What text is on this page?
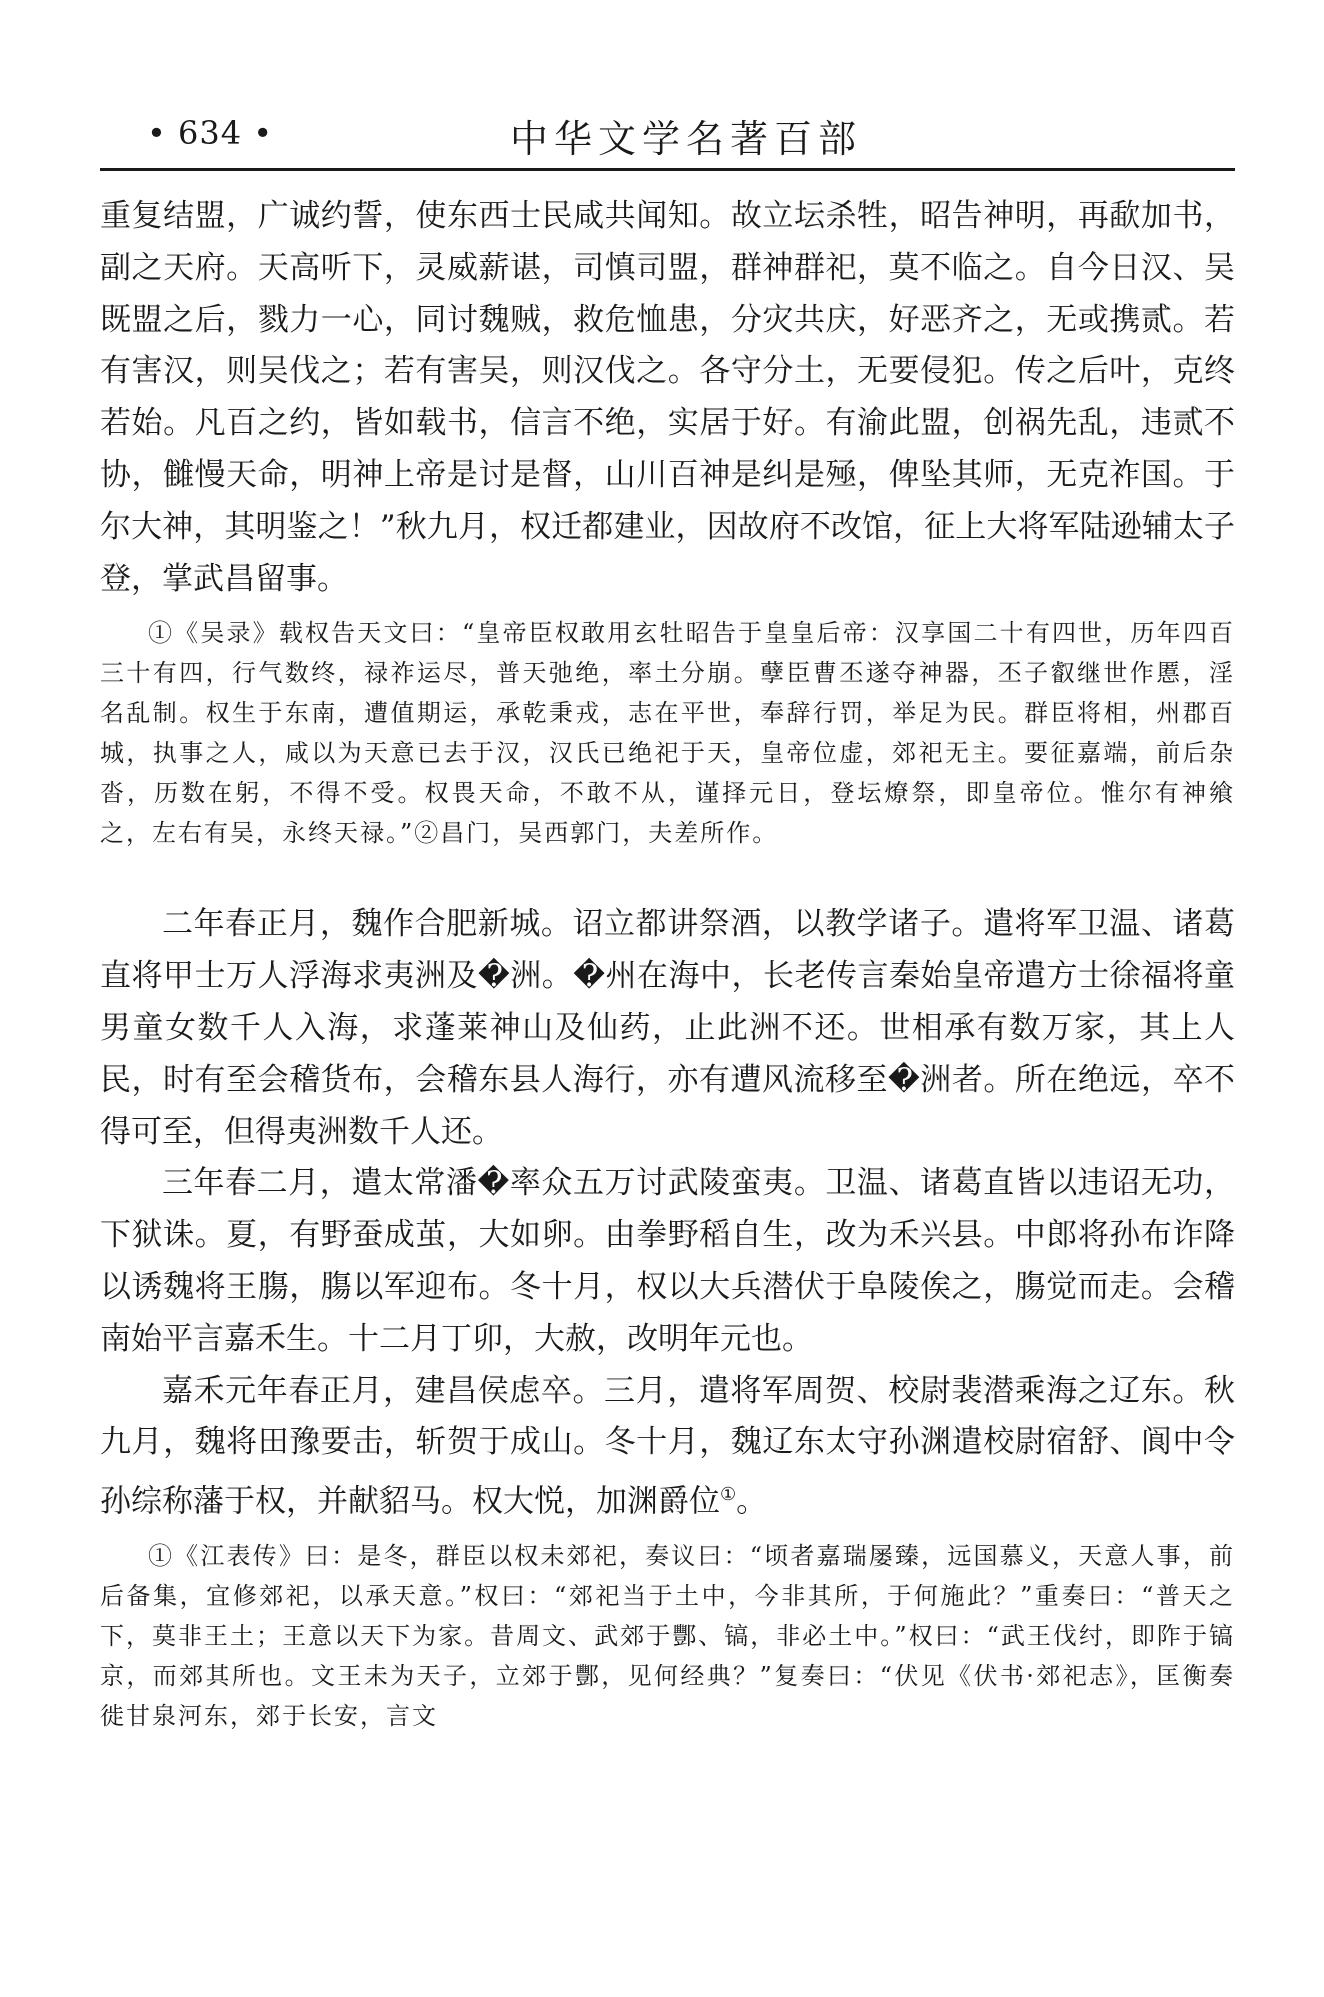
• 634 •	中华文学名著百部

重复结盟，广诚约誓，使东西士民咸共闻知。故立坛杀牲，昭告神明，再歃加书，副之天府。天高听下，灵威薪谌，司慎司盟，群神群祀，莫不临之。自今日汉、吴既盟之后，戮力一心，同讨魏贼，救危恤患，分灾共庆，好恶齐之，无或携贰。若有害汉，则吴伐之；若有害吴，则汉伐之。各守分土，无要侵犯。传之后叶，克终若始。凡百之约，皆如载书，信言不绝，实居于好。有渝此盟，创祸先乱，违贰不协，雠慢天命，明神上帝是讨是督，山川百神是纠是殛，俾坠其师，无克祚国。于尔大神，其明鉴之！”秋九月，权迁都建业，因故府不改馆，征上大将军陆逊辅太子登，掌武昌留事。

①《吴录》载权告天文曰：“皇帝臣权敢用玄牡昭告于皇皇后帝：汉享国二十有四世，历年四百三十有四，行气数终，禄祚运尽，普天弛绝，率土分崩。孽臣曹丕遂夺神器，丕子叡继世作慝，淫名乱制。权生于东南，遭值期运，承乾秉戎，志在平世，奉辞行罚，举足为民。群臣将相，州郡百城，执事之人，咸以为天意已去于汉，汉氏已绝祀于天，皇帝位虚，郊祀无主。要征嘉端，前后杂沓，历数在躬，不得不受。权畏天命，不敢不从，谨择元日，登坛燎祭，即皇帝位。惟尔有神飨之，左右有吴，永终天禄。”②昌门，吴西郭门，夫差所作。

二年春正月，魏作合肥新城。诏立都讲祭酒，以教学诸子。遣将军卫温、诸葛直将甲士万人浮海求夷洲及�洲。�州在海中，长老传言秦始皇帝遣方士徐福将童男童女数千人入海，求蓬莱神山及仙药，止此洲不还。世相承有数万家，其上人民，时有至会稽货布，会稽东县人海行，亦有遭风流移至�洲者。所在绝远，卒不得可至，但得夷洲数千人还。

三年春二月，遣太常潘�率众五万讨武陵蛮夷。卫温、诸葛直皆以违诏无功，下狱诛。夏，有野蚕成茧，大如卵。由拳野稻自生，改为禾兴县。中郎将孙布诈降以诱魏将王膓，膓以军迎布。冬十月，权以大兵潜伏于阜陵俟之，膓觉而走。会稽南始平言嘉禾生。十二月丁卯，大赦，改明年元也。

嘉禾元年春正月，建昌侯虑卒。三月，遣将军周贺、校尉裴潜乘海之辽东。秋九月，魏将田豫要击，斩贺于成山。冬十月，魏辽东太守孙渊遣校尉宿舒、阆中令孙综称藩于权，并献貂马。权大悦，加渊爵位①。

①《江表传》曰：是冬，群臣以权未郊祀，奏议曰：“顷者嘉瑞屡臻，远国慕义，天意人事，前后备集，宜修郊祀，以承天意。”权曰：“郊祀当于土中，今非其所，于何施此？”重奏曰：“普天之下，莫非王土；王意以天下为家。昔周文、武郊于酆、镐，非必土中。”权曰：“武王伐纣，即阼于镐京，而郊其所也。文王未为天子，立郊于酆，见何经典？”复奏曰：“伏见《伏书·郊祀志》，匡衡奏徙甘泉河东，郊于长安，言文
